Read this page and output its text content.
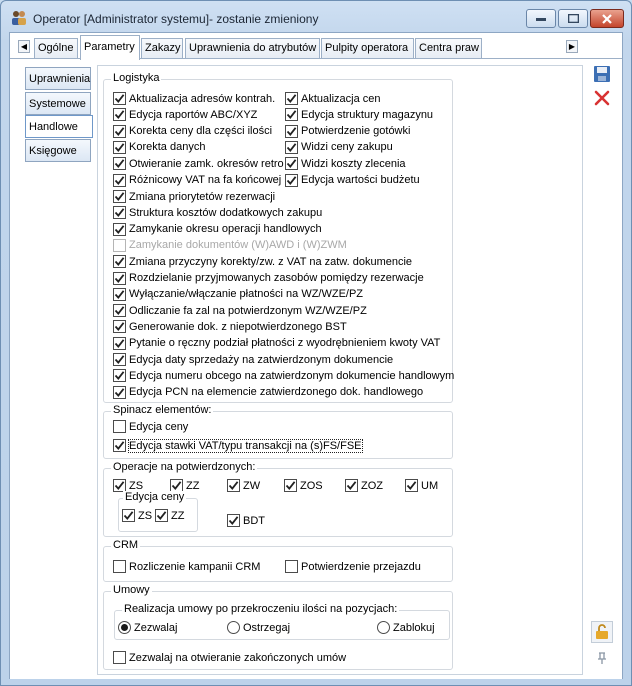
Operator [Administrator systemu]- zostanie zmieniony
◀ Ogólne Parametry Zakazy Uprawnienia do atrybutów Pulpity operatora Centra praw	▶
Uprawnienia
Systemowe
Handlowe
Księgowe
Logistyka
Aktualizacja adresów kontrah.
Edycja raportów ABC/XYZ
Korekta ceny dla części ilości
Korekta danych
Otwieranie zamk. okresów retro
Różnicowy VAT na fa końcowej
Aktualizacja cen
Edycja struktury magazynu
Potwierdzenie gotówki
Widzi ceny zakupu
Widzi koszty zlecenia
Edycja wartości budżetu
Zmiana priorytetów rezerwacji
Struktura kosztów dodatkowych zakupu
Zamykanie okresu operacji handlowych
Zamykanie dokumentów (W)AWD i (W)ZWM
Zmiana przyczyny korekty/zw. z VAT na zatw. dokumencie
Rozdzielanie przyjmowanych zasobów pomiędzy rezerwacje
Wyłączanie/włączanie płatności na WZ/WZE/PZ
Odliczanie fa zal na potwierdzonym WZ/WZE/PZ
Generowanie dok. z niepotwierdzonego BST
Pytanie o ręczny podział płatności z wyodrębnieniem kwoty VAT
Edycja daty sprzedaży na zatwierdzonym dokumencie
Edycja numeru obcego na zatwierdzonym dokumencie handlowym
Edycja PCN na elemencie zatwierdzonego dok. handlowego
Spinacz elementów:
Edycja ceny
Edycja stawki VAT/typu transakcji na (s)FS/FSE
Operacje na potwierdzonych:
ZS	ZZ	ZW	ZOS	ZOZ	UM
Edycja ceny
ZS ZZ	BDT
CRM
Rozliczenie kampanii CRM	Potwierdzenie przejazdu
Umowy
Realizacja umowy po przekroczeniu ilości na pozycjach:
Zezwalaj	Ostrzegaj	Zablokuj
Zezwalaj na otwieranie zakończonych umów
